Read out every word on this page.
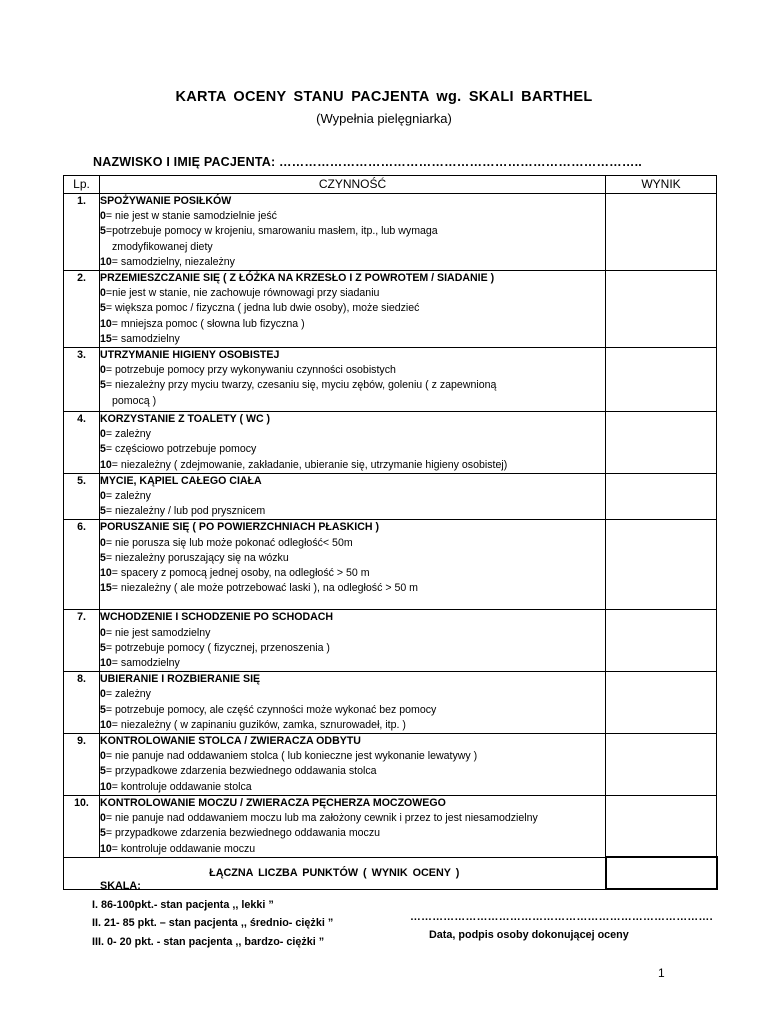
KARTA OCENY STANU PACJENTA wg. SKALI BARTHEL
(Wypełnia pielęgniarka)
NAZWISKO I IMIĘ PACJENTA: …………………………………………………………………………..
Lp.	CZYNNOŚĆ	WYNIK
1.	SPOŻYWANIE POSIŁKÓW
0= nie jest w stanie samodzielnie jeść
5=potrzebuje pomocy w krojeniu, smarowaniu masłem, itp., lub wymaga
zmodyfikowanej diety
10= samodzielny, niezależny	

2.	PRZEMIESZCZANIE SIĘ ( Z ŁÓŻKA NA KRZESŁO I Z POWROTEM / SIADANIE )
0=nie jest w stanie, nie zachowuje równowagi przy siadaniu
5= większa pomoc / fizyczna ( jedna lub dwie osoby), może siedzieć
10= mniejsza pomoc ( słowna lub fizyczna )
15= samodzielny	

3.	UTRZYMANIE HIGIENY OSOBISTEJ
0= potrzebuje pomocy przy wykonywaniu czynności osobistych
5= niezależny przy myciu twarzy, czesaniu się, myciu zębów, goleniu ( z zapewnioną
pomocą )	

4.	KORZYSTANIE Z TOALETY ( WC )
0= zależny
5= częściowo potrzebuje pomocy
10= niezależny ( zdejmowanie, zakładanie, ubieranie się, utrzymanie higieny osobistej)	

5.	MYCIE, KĄPIEL CAŁEGO CIAŁA
0= zależny
5= niezależny / lub pod prysznicem	

6.	PORUSZANIE SIĘ ( PO POWIERZCHNIACH PŁASKICH )
0= nie porusza się lub może pokonać odległość< 50m
5= niezależny poruszający się na wózku
10= spacery z pomocą jednej osoby, na odległość > 50 m
15= niezależny ( ale może potrzebować laski ), na odległość > 50 m	

7.	WCHODZENIE I SCHODZENIE PO SCHODACH
0= nie jest samodzielny
5= potrzebuje pomocy ( fizycznej, przenoszenia )
10= samodzielny	

8.	UBIERANIE I ROZBIERANIE SIĘ
0= zależny
5= potrzebuje pomocy, ale część czynności może wykonać bez pomocy
10= niezależny ( w zapinaniu guzików, zamka, sznurowadeł, itp. )	

9.	KONTROLOWANIE STOLCA / ZWIERACZA ODBYTU
0= nie panuje nad oddawaniem stolca ( lub konieczne jest wykonanie lewatywy )
5= przypadkowe zdarzenia bezwiednego oddawania stolca
10= kontroluje oddawanie stolca	

10.	KONTROLOWANIE MOCZU / ZWIERACZA PĘCHERZA MOCZOWEGO
0= nie panuje nad oddawaniem moczu lub ma założony cewnik i przez to jest niesamodzielny
5= przypadkowe zdarzenia bezwiednego oddawania moczu
10= kontroluje oddawanie moczu	

ŁĄCZNA LICZBA PUNKTÓW ( WYNIK OCENY )		
SKALA:
I. 86-100pkt.- stan pacjenta ,, lekki ”
II. 21- 85 pkt. – stan pacjenta ,, średnio- ciężki ”
III. 0- 20 pkt. - stan pacjenta ,, bardzo- ciężki ”
……………………………………………………………………….
Data, podpis osoby dokonującej oceny
1
